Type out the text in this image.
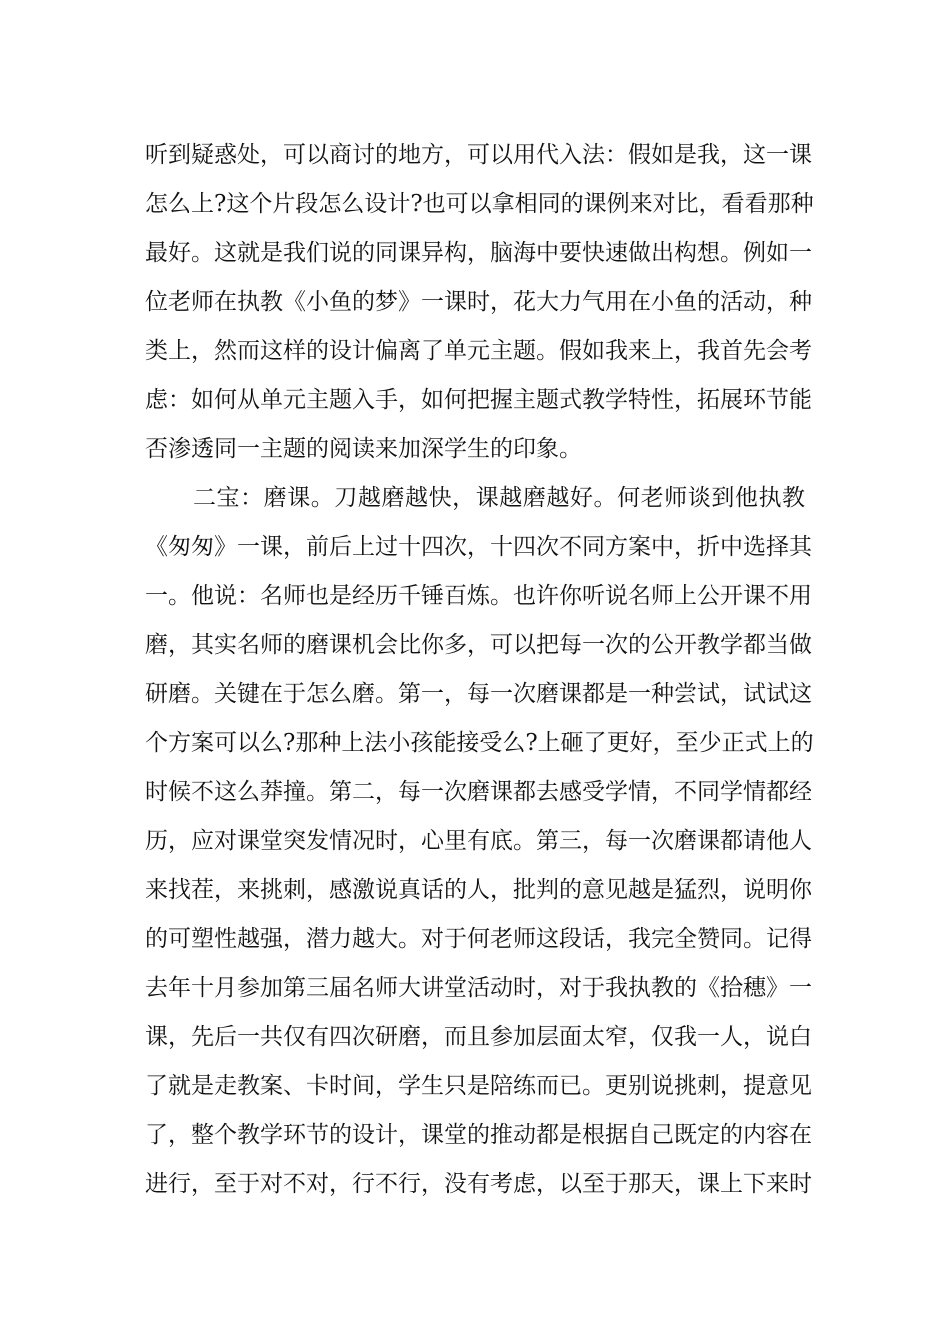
听到疑惑处，可以商讨的地方，可以用代入法：假如是我，这一课
怎么上?这个片段怎么设计?也可以拿相同的课例来对比，看看那种
最好。这就是我们说的同课异构，脑海中要快速做出构想。例如一
位老师在执教《小鱼的梦》一课时，花大力气用在小鱼的活动，种
类上，然而这样的设计偏离了单元主题。假如我来上，我首先会考
虑：如何从单元主题入手，如何把握主题式教学特性，拓展环节能
否渗透同一主题的阅读来加深学生的印象。
二宝：磨课。刀越磨越快，课越磨越好。何老师谈到他执教
《匆匆》一课，前后上过十四次，十四次不同方案中，折中选择其
一。他说：名师也是经历千锤百炼。也许你听说名师上公开课不用
磨，其实名师的磨课机会比你多，可以把每一次的公开教学都当做
研磨。关键在于怎么磨。第一，每一次磨课都是一种尝试，试试这
个方案可以么?那种上法小孩能接受么?上砸了更好，至少正式上的
时候不这么莽撞。第二，每一次磨课都去感受学情，不同学情都经
历，应对课堂突发情况时，心里有底。第三，每一次磨课都请他人
来找茬，来挑刺，感激说真话的人，批判的意见越是猛烈，说明你
的可塑性越强，潜力越大。对于何老师这段话，我完全赞同。记得
去年十月参加第三届名师大讲堂活动时，对于我执教的《拾穗》一
课，先后一共仅有四次研磨，而且参加层面太窄，仅我一人，说白
了就是走教案、卡时间，学生只是陪练而已。更别说挑刺，提意见
了，整个教学环节的设计，课堂的推动都是根据自己既定的内容在
进行，至于对不对，行不行，没有考虑，以至于那天，课上下来时
